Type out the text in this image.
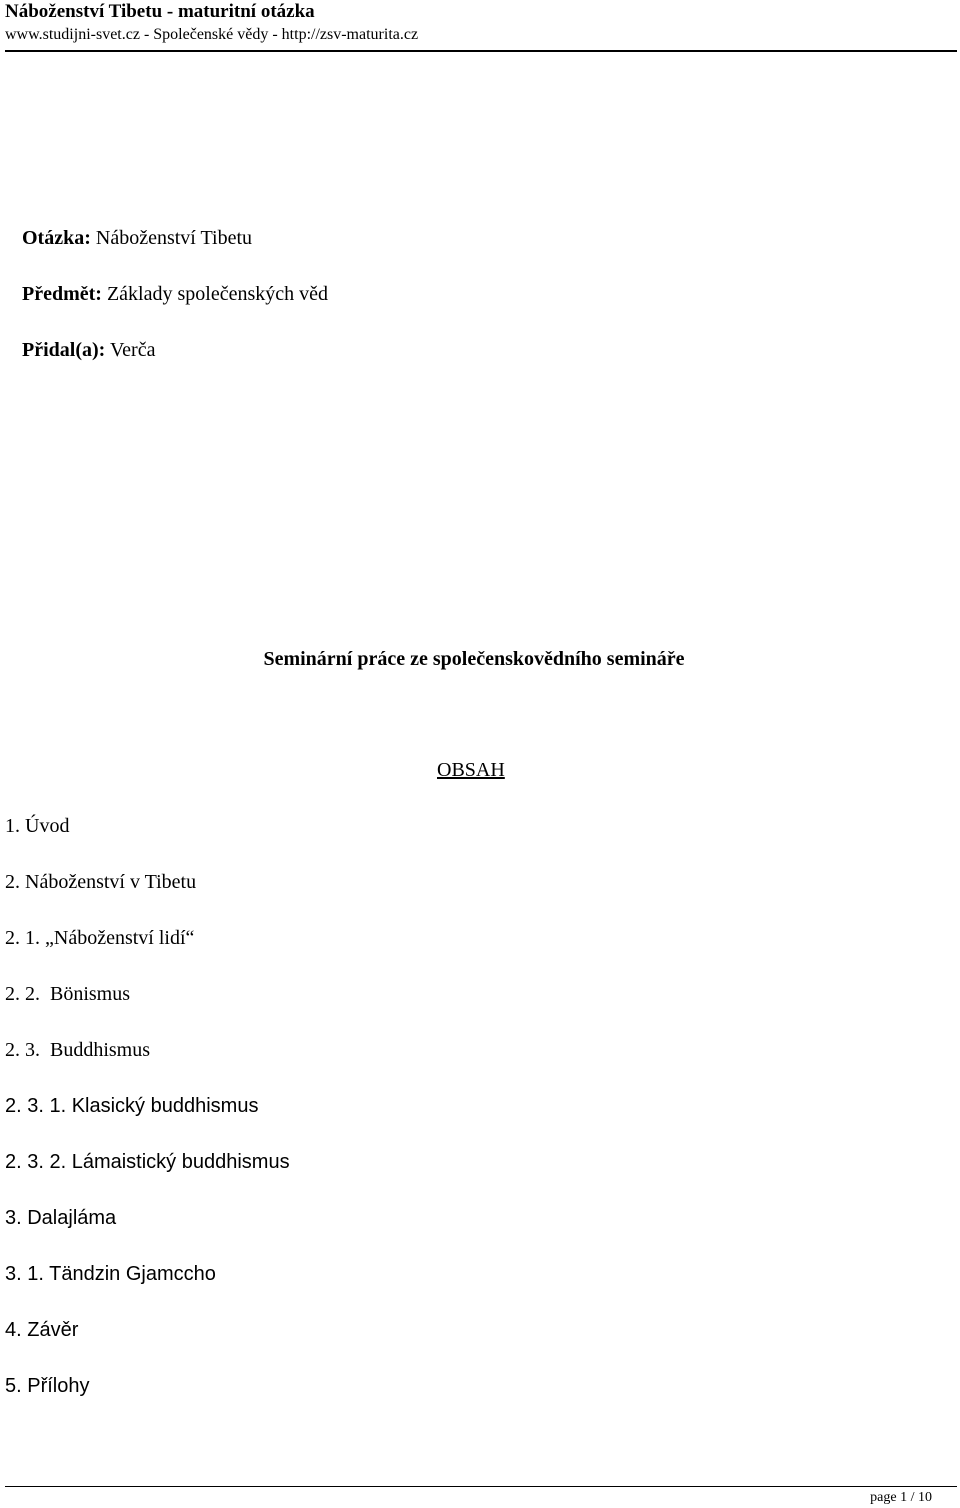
Náboženství Tibetu - maturitní otázka
www.studijni-svet.cz - Společenské vědy - http://zsv-maturita.cz
Otázka: Náboženství Tibetu
Předmět: Základy společenských věd
Přidal(a): Verča
Seminární práce ze společenskovědního semináře
OBSAH
1. Úvod
2. Náboženství v Tibetu
2. 1. „Náboženství lidí“
2. 2.  Bönismus
2. 3.  Buddhismus
2. 3. 1. Klasický buddhismus
2. 3. 2. Lámaistický buddhismus
3. Dalajláma
3. 1. Tändzin Gjamccho
4. Závěr
5. Přílohy
page 1 / 10
